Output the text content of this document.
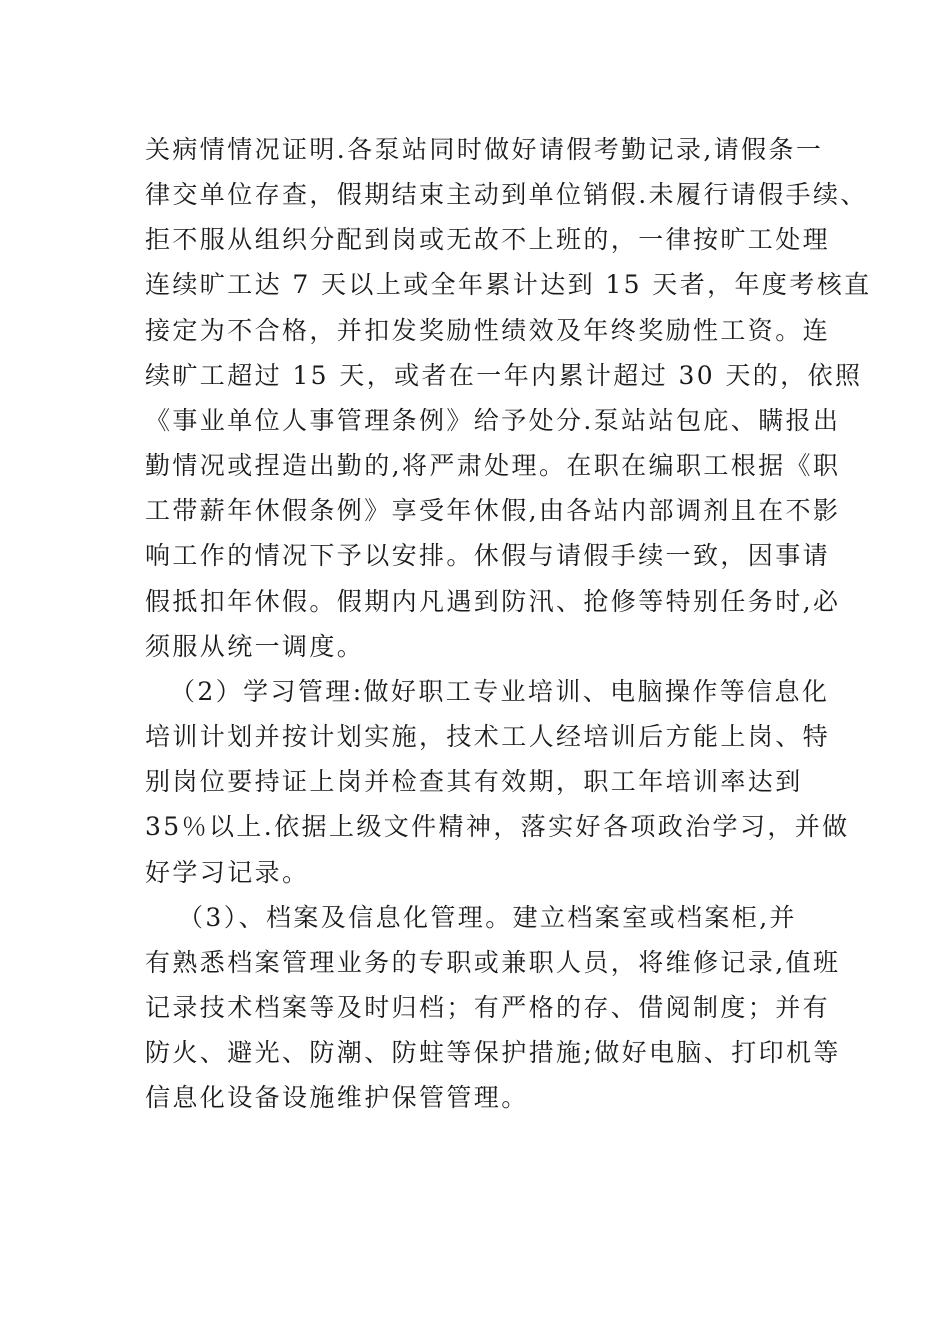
关病情情况证明.各泵站同时做好请假考勤记录,请假条一
律交单位存查，假期结束主动到单位销假.未履行请假手续、
拒不服从组织分配到岗或无故不上班的，一律按旷工处理
连续旷工达 7 天以上或全年累计达到 15 天者，年度考核直
接定为不合格，并扣发奖励性绩效及年终奖励性工资。连
续旷工超过 15 天，或者在一年内累计超过 30 天的，依照
《事业单位人事管理条例》给予处分.泵站站包庇、瞒报出
勤情况或捏造出勤的,将严肃处理。在职在编职工根据《职
工带薪年休假条例》享受年休假,由各站内部调剂且在不影
响工作的情况下予以安排。休假与请假手续一致，因事请
假抵扣年休假。假期内凡遇到防汛、抢修等特别任务时,必
须服从统一调度。
（2）学习管理:做好职工专业培训、电脑操作等信息化
培训计划并按计划实施，技术工人经培训后方能上岗、特
别岗位要持证上岗并检查其有效期，职工年培训率达到
35％以上.依据上级文件精神，落实好各项政治学习，并做
好学习记录。
（3）、档案及信息化管理。建立档案室或档案柜,并
有熟悉档案管理业务的专职或兼职人员，将维修记录,值班
记录技术档案等及时归档；有严格的存、借阅制度；并有
防火、避光、防潮、防蛀等保护措施;做好电脑、打印机等
信息化设备设施维护保管管理。
